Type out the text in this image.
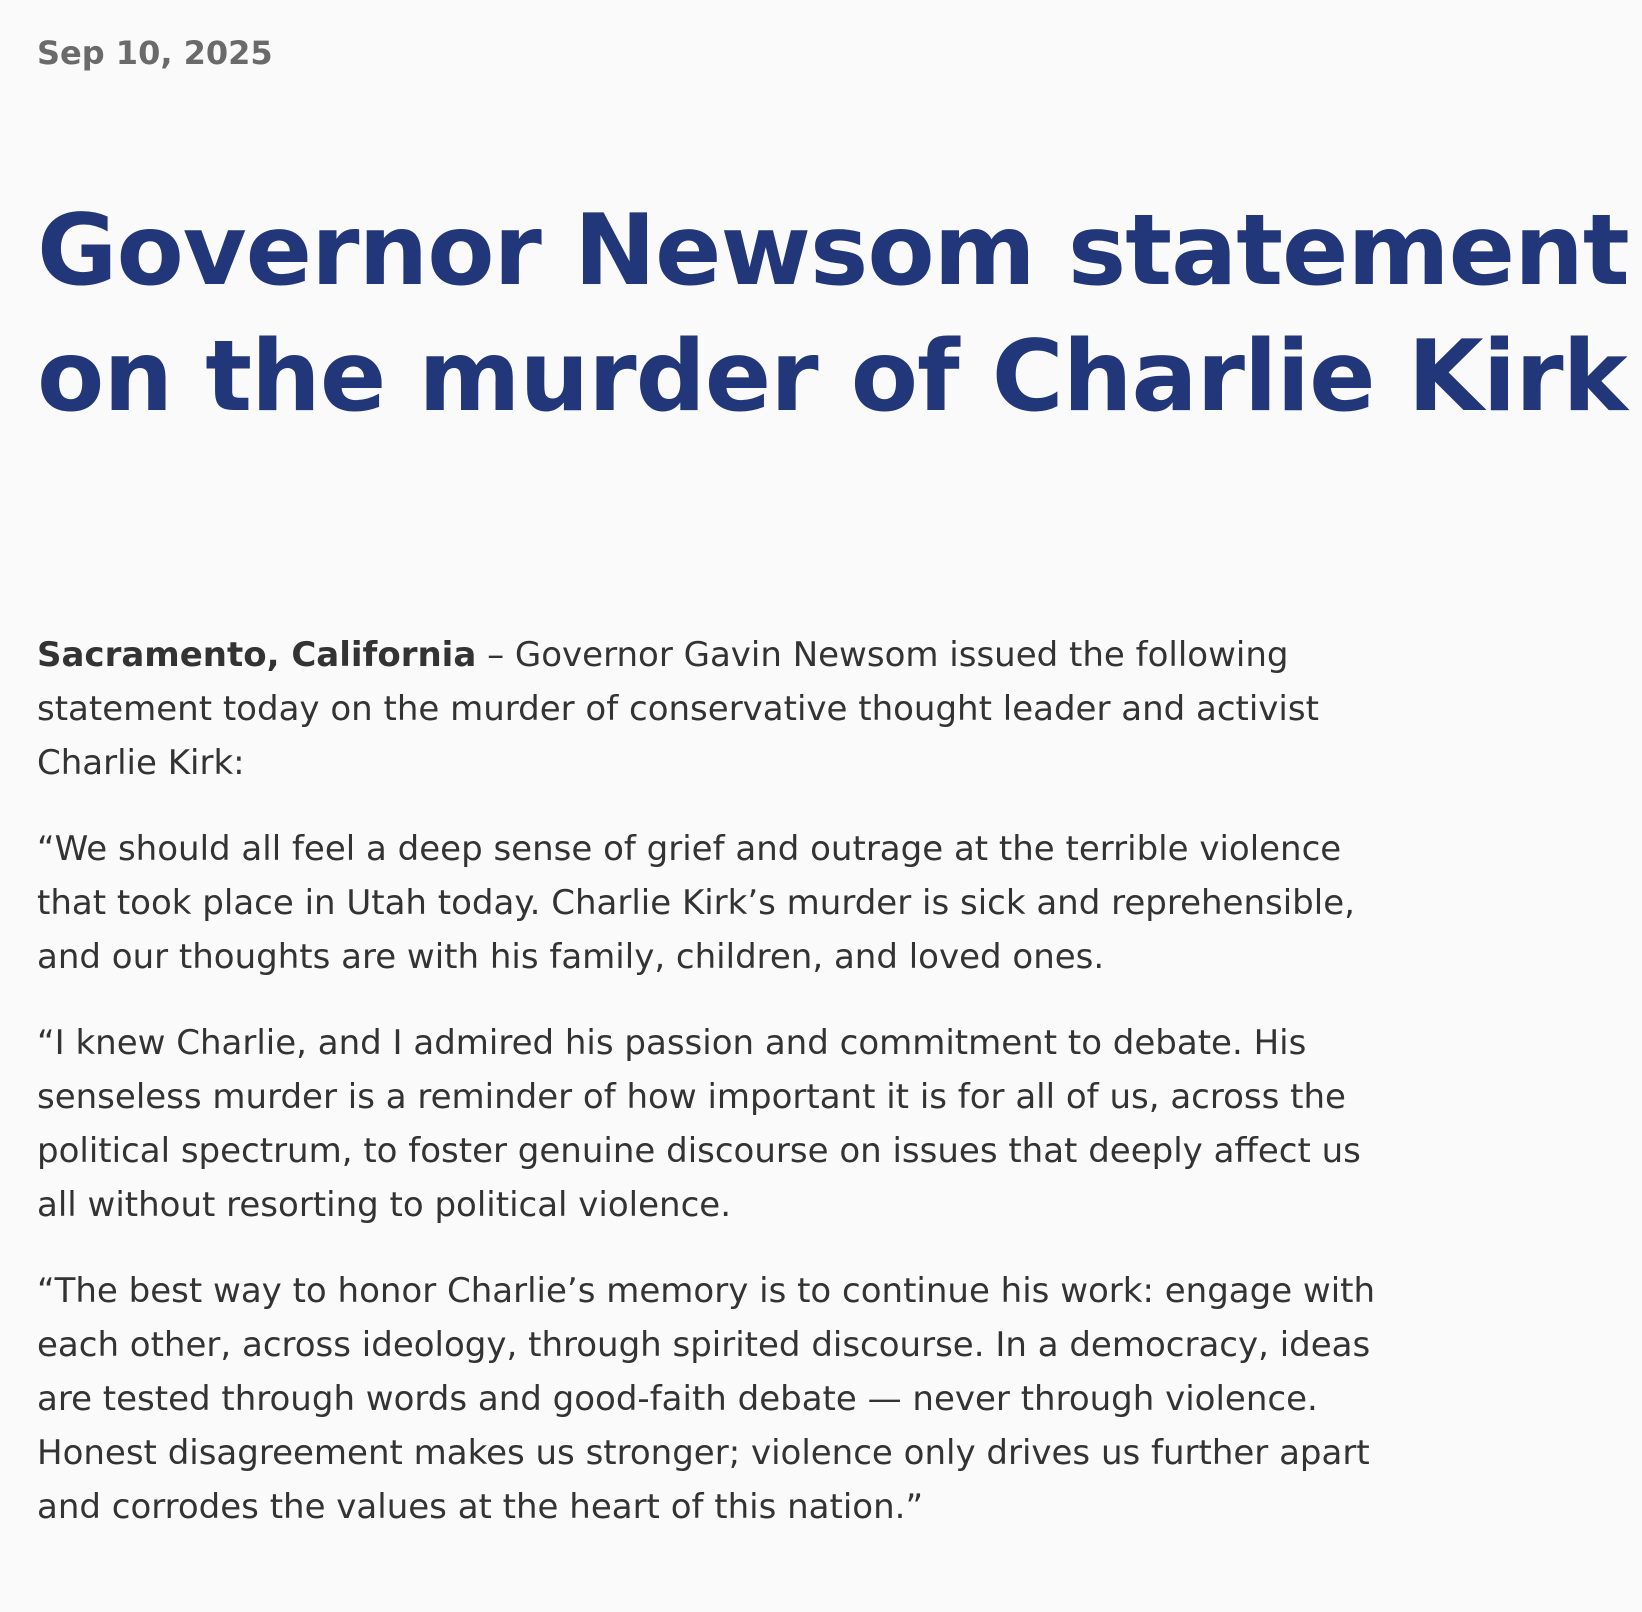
Sep 10, 2025
Governor Newsom statement
on the murder of Charlie Kirk

Sacramento, California – Governor Gavin Newsom issued the following
statement today on the murder of conservative thought leader and activist
Charlie Kirk:

“We should all feel a deep sense of grief and outrage at the terrible violence
that took place in Utah today. Charlie Kirk’s murder is sick and reprehensible,
and our thoughts are with his family, children, and loved ones.

“I knew Charlie, and I admired his passion and commitment to debate. His
senseless murder is a reminder of how important it is for all of us, across the
political spectrum, to foster genuine discourse on issues that deeply affect us
all without resorting to political violence.

“The best way to honor Charlie’s memory is to continue his work: engage with
each other, across ideology, through spirited discourse. In a democracy, ideas
are tested through words and good-faith debate — never through violence.
Honest disagreement makes us stronger; violence only drives us further apart
and corrodes the values at the heart of this nation.”
